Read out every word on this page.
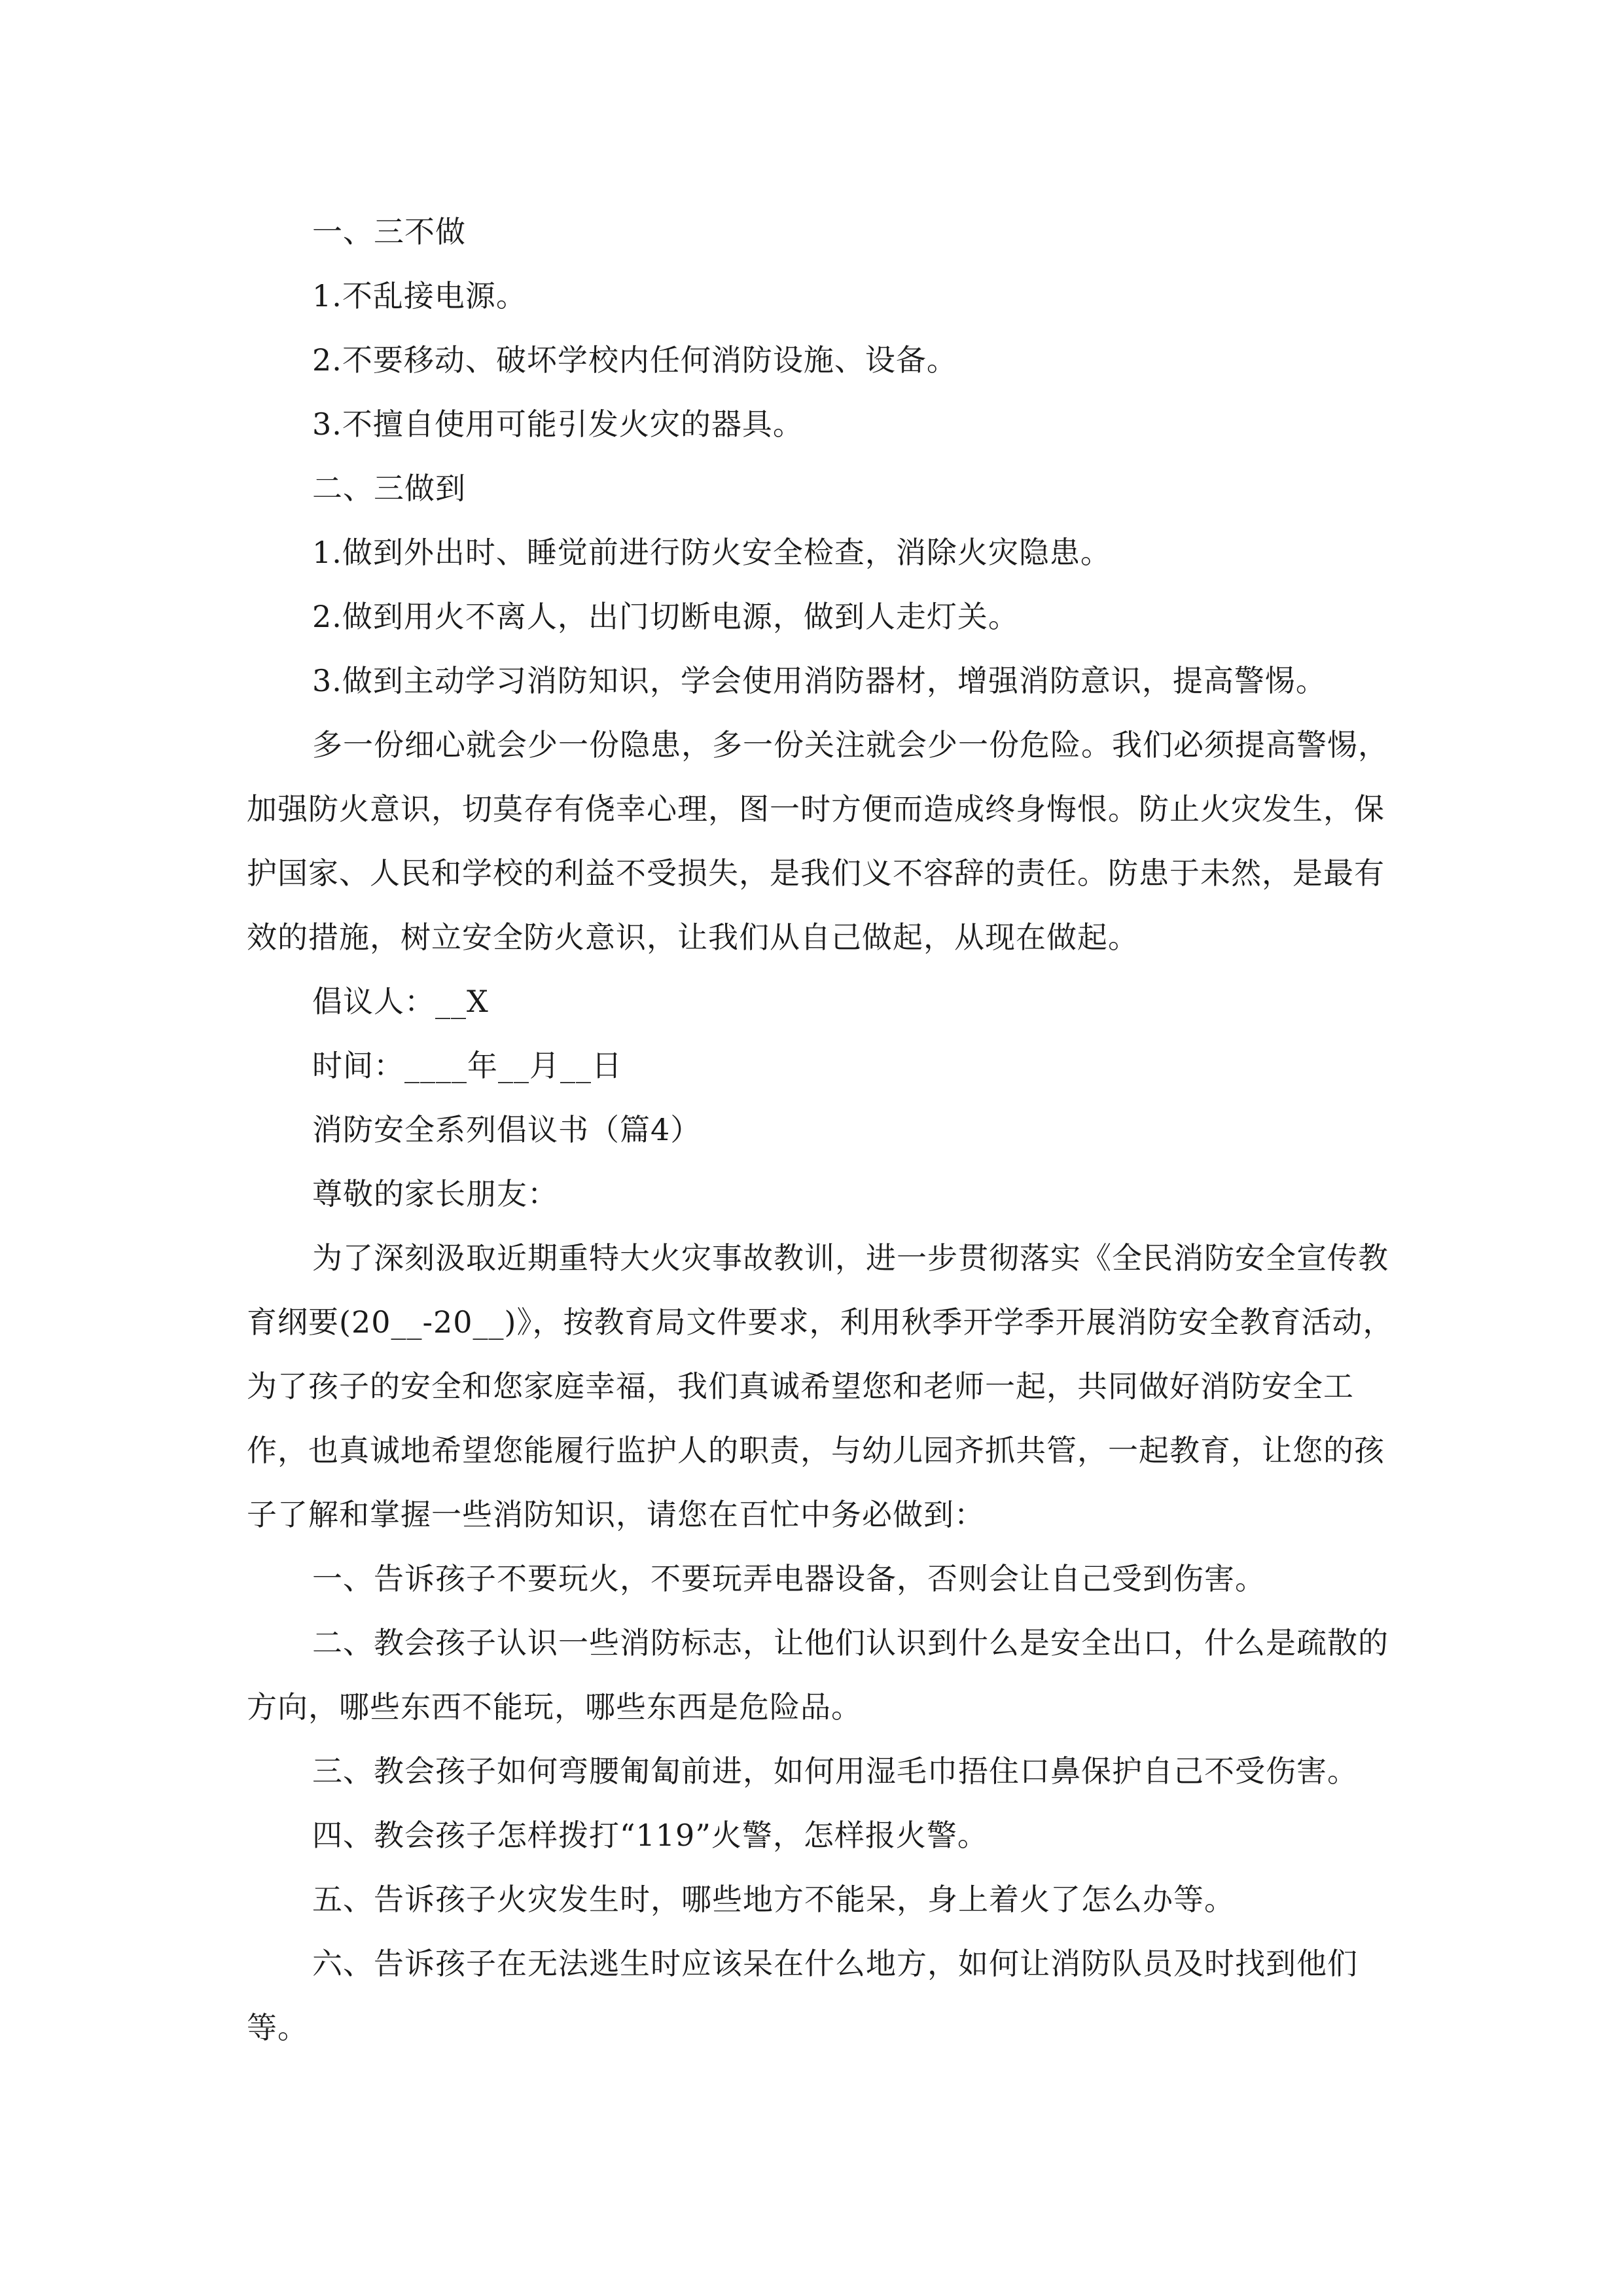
一、三不做

1.不乱接电源。

2.不要移动、破坏学校内任何消防设施、设备。

3.不擅自使用可能引发火灾的器具。

二、三做到

1.做到外出时、睡觉前进行防火安全检查，消除火灾隐患。

2.做到用火不离人，出门切断电源，做到人走灯关。

3.做到主动学习消防知识，学会使用消防器材，增强消防意识，提高警惕。

多一份细心就会少一份隐患，多一份关注就会少一份危险。我们必须提高警惕，加强防火意识，切莫存有侥幸心理，图一时方便而造成终身悔恨。防止火灾发生，保护国家、人民和学校的利益不受损失，是我们义不容辞的责任。防患于未然，是最有效的措施，树立安全防火意识，让我们从自己做起，从现在做起。

倡议人：__X

时间：____年__月__日

消防安全系列倡议书（篇4）

尊敬的家长朋友：

为了深刻汲取近期重特大火灾事故教训，进一步贯彻落实《全民消防安全宣传教育纲要(20__-20__)》，按教育局文件要求，利用秋季开学季开展消防安全教育活动，为了孩子的安全和您家庭幸福，我们真诚希望您和老师一起，共同做好消防安全工作，也真诚地希望您能履行监护人的职责，与幼儿园齐抓共管，一起教育，让您的孩子了解和掌握一些消防知识，请您在百忙中务必做到：

一、告诉孩子不要玩火，不要玩弄电器设备，否则会让自己受到伤害。

二、教会孩子认识一些消防标志，让他们认识到什么是安全出口，什么是疏散的方向，哪些东西不能玩，哪些东西是危险品。

三、教会孩子如何弯腰匍匐前进，如何用湿毛巾捂住口鼻保护自己不受伤害。

四、教会孩子怎样拨打“119”火警，怎样报火警。

五、告诉孩子火灾发生时，哪些地方不能呆，身上着火了怎么办等。

六、告诉孩子在无法逃生时应该呆在什么地方，如何让消防队员及时找到他们等。
